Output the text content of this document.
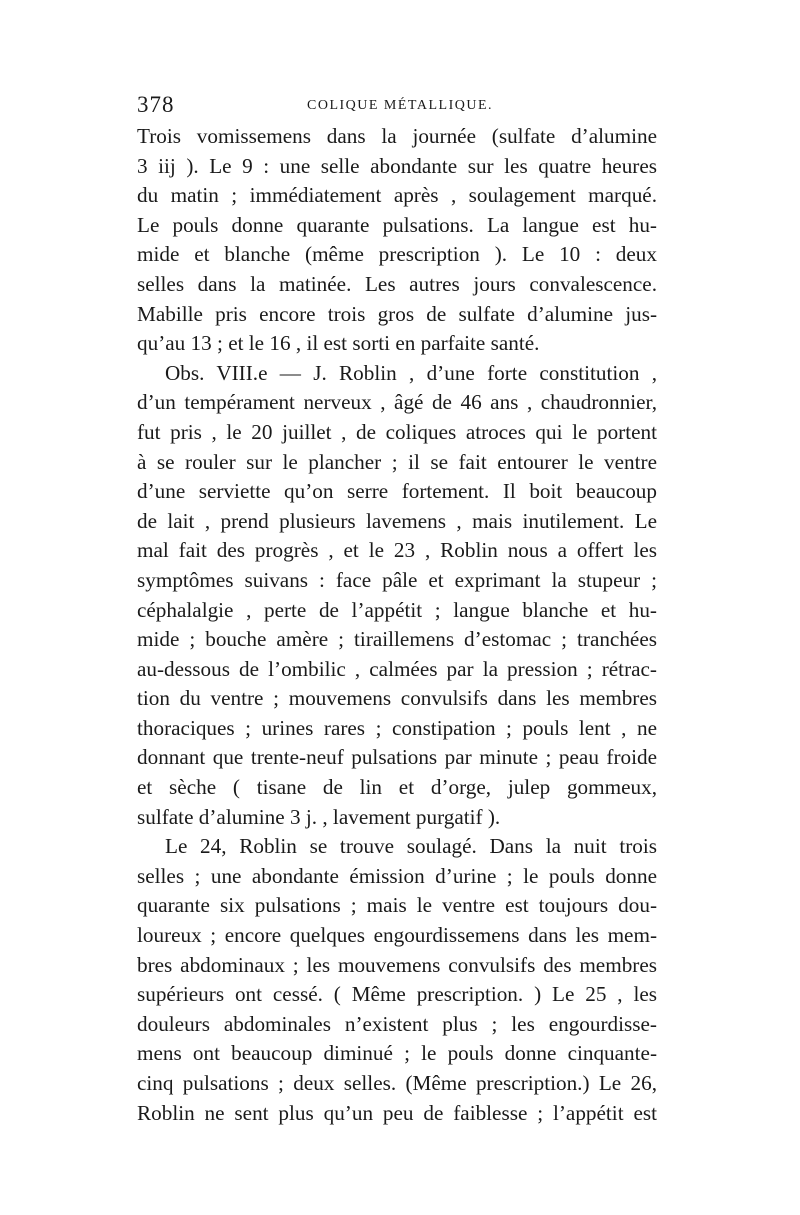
378	COLIQUE MÉTALLIQUE.
Trois vomissemens dans la journée (sulfate d’alumine
3 iij ). Le 9 : une selle abondante sur les quatre heures
du matin ; immédiatement après , soulagement marqué.
Le pouls donne quarante pulsations. La langue est hu-
mide et blanche (même prescription ). Le 10 : deux
selles dans la matinée. Les autres jours convalescence.
Mabille pris encore trois gros de sulfate d’alumine jus-
qu’au 13 ; et le 16 , il est sorti en parfaite santé.
Obs. VIII.e — J. Roblin , d’une forte constitution ,
d’un tempérament nerveux , âgé de 46 ans , chaudronnier,
fut pris , le 20 juillet , de coliques atroces qui le portent
à se rouler sur le plancher ; il se fait entourer le ventre
d’une serviette qu’on serre fortement. Il boit beaucoup
de lait , prend plusieurs lavemens , mais inutilement. Le
mal fait des progrès , et le 23 , Roblin nous a offert les
symptômes suivans : face pâle et exprimant la stupeur ;
céphalalgie , perte de l’appétit ; langue blanche et hu-
mide ; bouche amère ; tiraillemens d’estomac ; tranchées
au-dessous de l’ombilic , calmées par la pression ; rétrac-
tion du ventre ; mouvemens convulsifs dans les membres
thoraciques ; urines rares ; constipation ; pouls lent , ne
donnant que trente-neuf pulsations par minute ; peau froide
et sèche ( tisane de lin et d’orge, julep gommeux,
sulfate d’alumine 3 j. , lavement purgatif ).
Le 24, Roblin se trouve soulagé. Dans la nuit trois
selles ; une abondante émission d’urine ; le pouls donne
quarante six pulsations ; mais le ventre est toujours dou-
loureux ; encore quelques engourdissemens dans les mem-
bres abdominaux ; les mouvemens convulsifs des membres
supérieurs ont cessé. ( Même prescription. ) Le 25 , les
douleurs abdominales n’existent plus ; les engourdisse-
mens ont beaucoup diminué ; le pouls donne cinquante-
cinq pulsations ; deux selles. (Même prescription.) Le 26,
Roblin ne sent plus qu’un peu de faiblesse ; l’appétit est
